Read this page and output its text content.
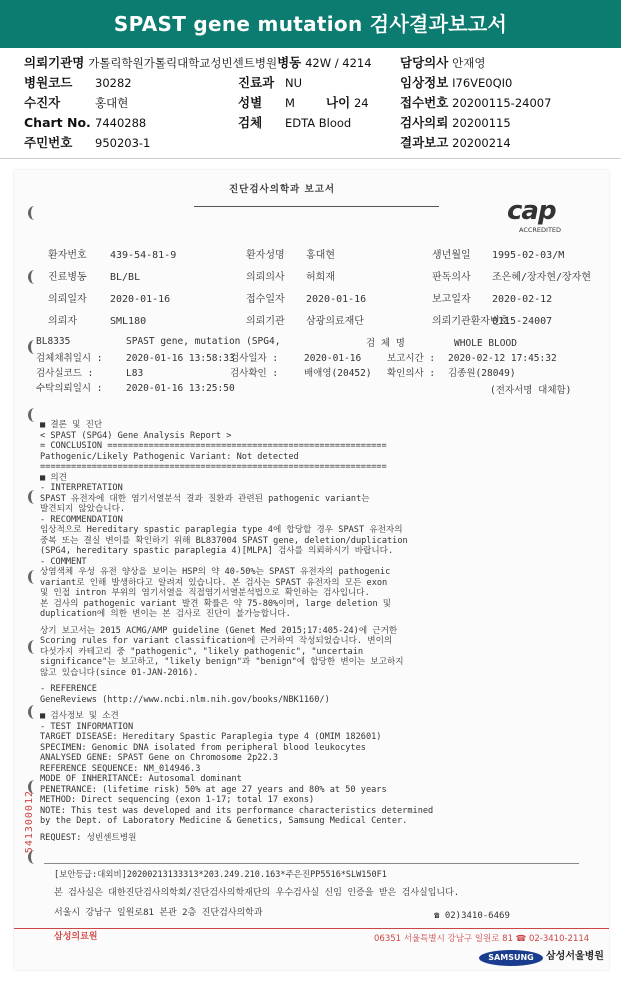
SPAST gene mutation 검사결과보고서
의뢰기관명 가톨릭학원가톨릭대학교성빈센트병원병동 42W / 4214 담당의사 안재영
병원코드 30282	진료과 NU	임상정보 I76VE0QI0
수진자	홍대현	성별 M 나이 24	접수번호 20200115-24007
Chart No. 7440288	검체 EDTA Blood	검사의뢰 20200115
주민번호 950203-1	결과보고 20200214
진단검사의학과 보고서
cap
ACCREDITED
환자번호 439-54-81-9	환자성명 홍대현	생년월일 1995-02-03/M
진료병동 BL/BL	의뢰의사 허희재	판독의사 조은혜/장자현/장자현
의뢰일자 2020-01-16	접수일자 2020-01-16	보고일자 2020-02-12
의뢰자	SML180	의뢰기관 삼광의료재단	의뢰기관환자번호
0115-24007
BL8335	SPAST gene, mutation (SPG4,	검 체 명	WHOLE BLOOD
검체채취일시 : 2020-01-16 13:58:33
검사일자 :	2020-01-16	보고시간 : 2020-02-12 17:45:32
검사실코드 :	L83	검사확인 :	배애영(20452) 확인의사 : 김종원(28049)
수탁의뢰일시 : 2020-01-16 13:25:50	(전자서명 대체함)
■ 결론 및 진단
< SPAST (SPG4) Gene Analysis Report >
= CONCLUSION ======================================================
Pathogenic/Likely Pathogenic Variant: Not detected
===================================================================
■ 의견
- INTERPRETATION
SPAST 유전자에 대한 염기서열분석 결과 질환과 관련된 pathogenic variant는
발견되지 않았습니다.
- RECOMMENDATION
임상적으로 Hereditary spastic paraplegia type 4에 합당할 경우 SPAST 유전자의
중복 또는 결실 변이를 확인하기 위해 BL837004 SPAST gene, deletion/duplication
(SPG4, hereditary spastic paraplegia 4)[MLPA] 검사를 의뢰하시기 바랍니다.
- COMMENT
상염색체 우성 유전 양상을 보이는 HSP의 약 40-50%는 SPAST 유전자의 pathogenic
variant로 인해 발생하다고 알려져 있습니다. 본 검사는 SPAST 유전자의 모든 exon
및 인접 intron 부위의 염기서열을 직접염기서열분석법으로 확인하는 검사입니다.
본 검사의 pathogenic variant 발견 확률은 약 75-80%이며, large deletion 및
duplication에 의한 변이는 본 검사로 진단이 불가능합니다.
상기 보고서는 2015 ACMG/AMP guideline (Genet Med 2015;17:405-24)에 근거한
Scoring rules for variant classification에 근거하여 작성되었습니다. 변이의
다섯가지 카테고리 중 "pathogenic", "likely pathogenic", "uncertain
significance"는 보고하고, "likely benign"과 "benign"에 합당한 변이는 보고하지
않고 있습니다(since 01-JAN-2016).
- REFERENCE
GeneReviews (http://www.ncbi.nlm.nih.gov/books/NBK1160/)
■ 검사정보 및 소견
- TEST INFORMATION
TARGET DISEASE: Hereditary Spastic Paraplegia type 4 (OMIM 182601)
SPECIMEN: Genomic DNA isolated from peripheral blood leukocytes
ANALYSED GENE: SPAST Gene on Chromosome 2p22.3
REFERENCE SEQUENCE: NM_014946.3
MODE OF INHERITANCE: Autosomal dominant
PENETRANCE: (lifetime risk) 50% at age 27 years and 80% at 50 years
METHOD: Direct sequencing (exon 1-17; total 17 exons)
NOTE: This test was developed and its performance characteristics determined
by the Dept. of Laboratory Medicine & Genetics, Samsung Medical Center.
REQUEST: 성빈센트병원
541300012
[보안등급:대외비]20200213133313*203.249.210.163*주은진PP5516*SLW150F1
본 검사실은 대한진단검사의학회/진단검사의학재단의 우수검사실 신임 인증을 받은 검사실입니다.
서울시 강남구 일원로81 본관 2층 진단검사의학과	☎ 02)3410-6469
삼성의료원	06351 서울특별시 강남구 일원로 81 ☎ 02-3410-2114
SAMSUNG	삼성서울병원
